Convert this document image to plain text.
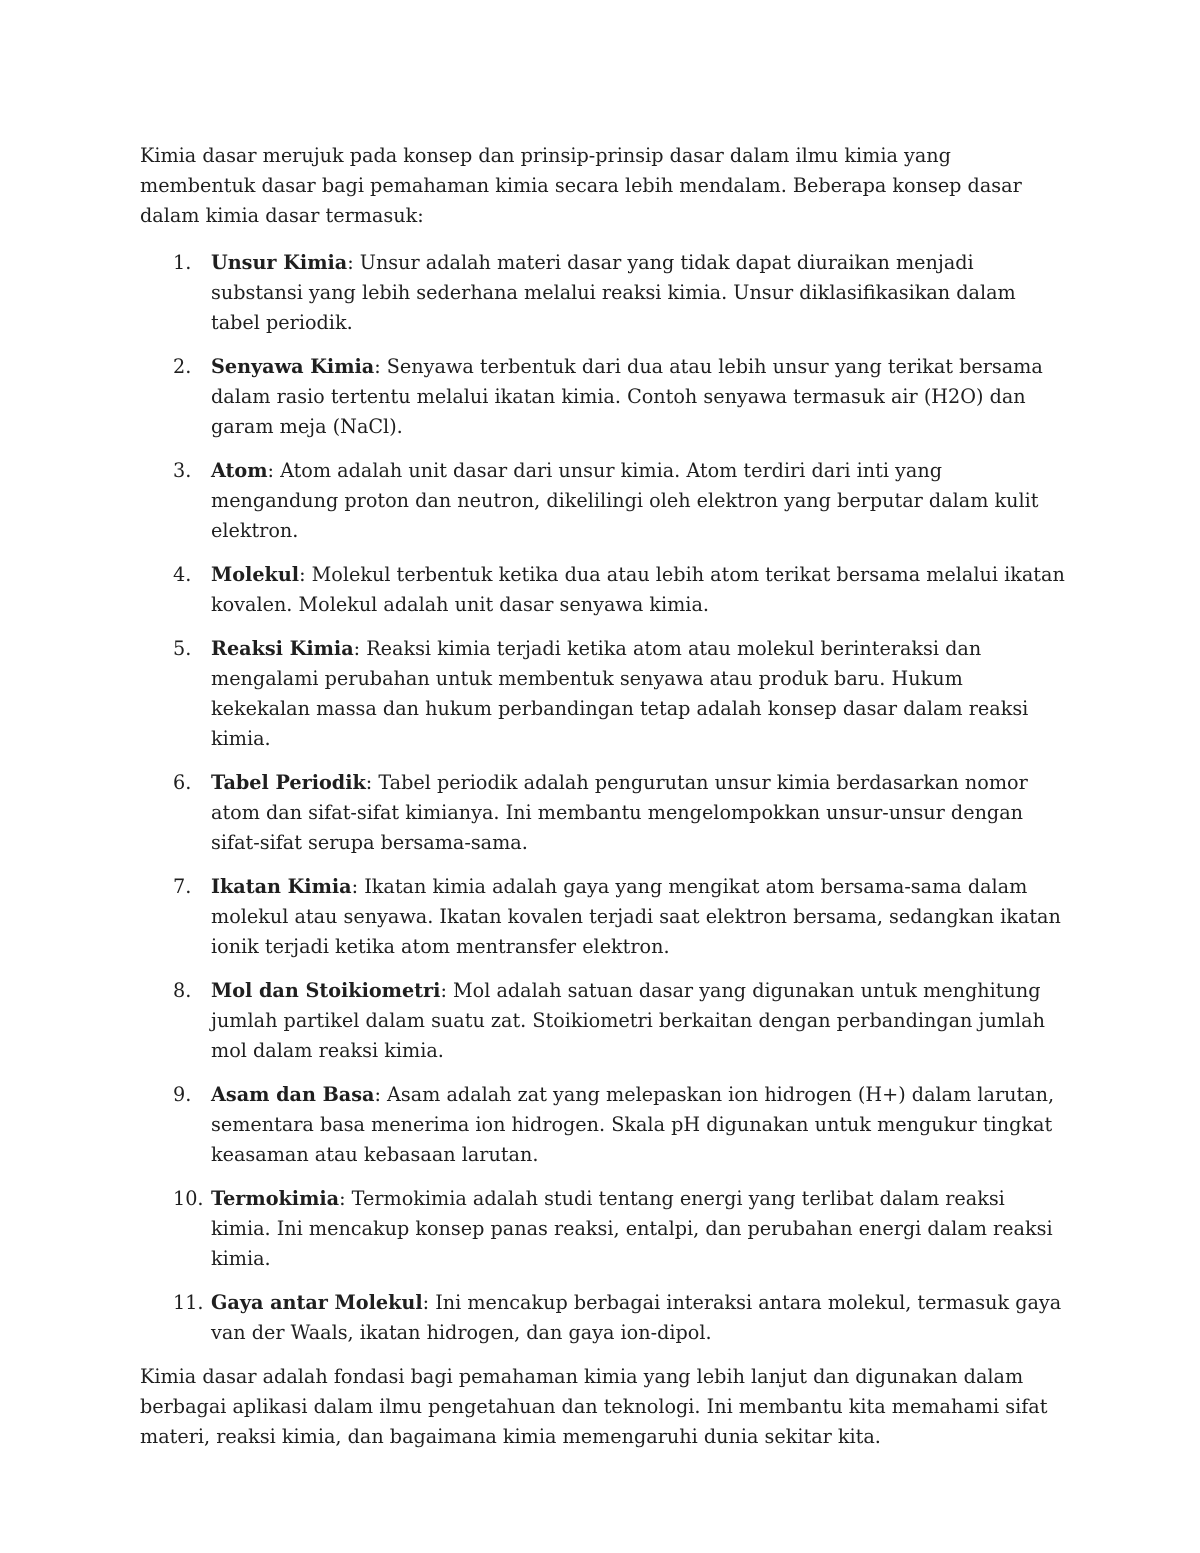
Kimia dasar merujuk pada konsep dan prinsip-prinsip dasar dalam ilmu kimia yang membentuk dasar bagi pemahaman kimia secara lebih mendalam. Beberapa konsep dasar dalam kimia dasar termasuk:

1.	Unsur Kimia: Unsur adalah materi dasar yang tidak dapat diuraikan menjadi substansi yang lebih sederhana melalui reaksi kimia. Unsur diklasifikasikan dalam tabel periodik.
2.	Senyawa Kimia: Senyawa terbentuk dari dua atau lebih unsur yang terikat bersama dalam rasio tertentu melalui ikatan kimia. Contoh senyawa termasuk air (H2O) dan garam meja (NaCl).
3.	Atom: Atom adalah unit dasar dari unsur kimia. Atom terdiri dari inti yang mengandung proton dan neutron, dikelilingi oleh elektron yang berputar dalam kulit elektron.
4.	Molekul: Molekul terbentuk ketika dua atau lebih atom terikat bersama melalui ikatan kovalen. Molekul adalah unit dasar senyawa kimia.
5.	Reaksi Kimia: Reaksi kimia terjadi ketika atom atau molekul berinteraksi dan mengalami perubahan untuk membentuk senyawa atau produk baru. Hukum kekekalan massa dan hukum perbandingan tetap adalah konsep dasar dalam reaksi kimia.
6.	Tabel Periodik: Tabel periodik adalah pengurutan unsur kimia berdasarkan nomor atom dan sifat-sifat kimianya. Ini membantu mengelompokkan unsur-unsur dengan sifat-sifat serupa bersama-sama.
7.	Ikatan Kimia: Ikatan kimia adalah gaya yang mengikat atom bersama-sama dalam molekul atau senyawa. Ikatan kovalen terjadi saat elektron bersama, sedangkan ikatan ionik terjadi ketika atom mentransfer elektron.
8.	Mol dan Stoikiometri: Mol adalah satuan dasar yang digunakan untuk menghitung jumlah partikel dalam suatu zat. Stoikiometri berkaitan dengan perbandingan jumlah mol dalam reaksi kimia.
9.	Asam dan Basa: Asam adalah zat yang melepaskan ion hidrogen (H+) dalam larutan, sementara basa menerima ion hidrogen. Skala pH digunakan untuk mengukur tingkat keasaman atau kebasaan larutan.
10. Termokimia: Termokimia adalah studi tentang energi yang terlibat dalam reaksi kimia. Ini mencakup konsep panas reaksi, entalpi, dan perubahan energi dalam reaksi kimia.
11. Gaya antar Molekul: Ini mencakup berbagai interaksi antara molekul, termasuk gaya van der Waals, ikatan hidrogen, dan gaya ion-dipol.

Kimia dasar adalah fondasi bagi pemahaman kimia yang lebih lanjut dan digunakan dalam berbagai aplikasi dalam ilmu pengetahuan dan teknologi. Ini membantu kita memahami sifat materi, reaksi kimia, dan bagaimana kimia memengaruhi dunia sekitar kita.
